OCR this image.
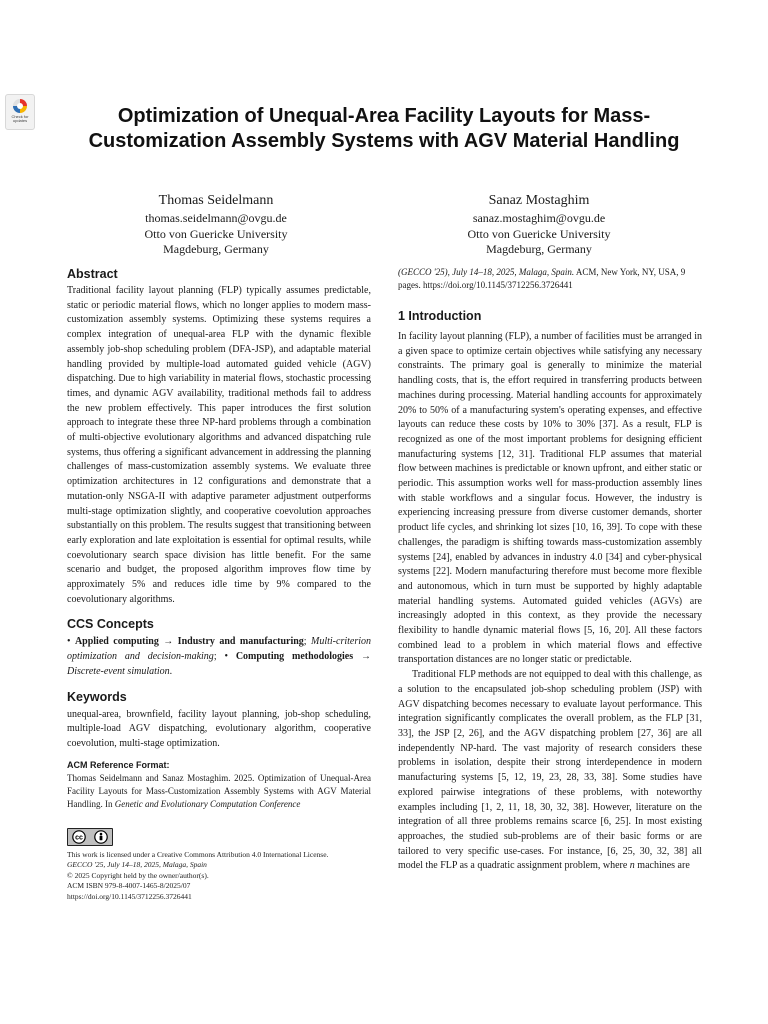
Check for updates	Optimization of Unequal-Area Facility Layouts for Mass-Customization Assembly Systems with AGV Material Handling
Thomas Seidelmann
thomas.seidelmann@ovgu.de
Otto von Guericke University
Magdeburg, Germany
Sanaz Mostaghim
sanaz.mostaghim@ovgu.de
Otto von Guericke University
Magdeburg, Germany
Abstract

Traditional facility layout planning (FLP) typically assumes predictable, static or periodic material flows, which no longer applies to modern mass-customization assembly systems. Optimizing these systems requires a complex integration of unequal-area FLP with the dynamic flexible assembly job-shop scheduling problem (DFA-JSP), and adaptable material handling provided by multiple-load automated guided vehicle (AGV) dispatching. Due to high variability in material flows, stochastic processing times, and dynamic AGV availability, traditional methods fail to address the new problem effectively. This paper introduces the first solution approach to integrate these three NP-hard problems through a combination of multi-objective evolutionary algorithms and advanced dispatching rule systems, thus offering a significant advancement in addressing the planning challenges of mass-customization assembly systems. We evaluate three optimization architectures in 12 configurations and demonstrate that a mutation-only NSGA-II with adaptive parameter adjustment outperforms multi-stage optimization slightly, and cooperative coevolution approaches substantially on this problem. The results suggest that transitioning between early exploration and late exploitation is essential for optimal results, while coevolutionary search space division has little benefit. For the same scenario and budget, the proposed algorithm improves flow time by approximately 5% and reduces idle time by 9% compared to the coevolutionary algorithms.

CCS Concepts

• Applied computing → Industry and manufacturing; Multi-criterion optimization and decision-making; • Computing methodologies → Discrete-event simulation.

Keywords

unequal-area, brownfield, facility layout planning, job-shop scheduling, multiple-load AGV dispatching, evolutionary algorithm, cooperative coevolution, multi-stage optimization.

ACM Reference Format:

Thomas Seidelmann and Sanaz Mostaghim. 2025. Optimization of Unequal-Area Facility Layouts for Mass-Customization Assembly Systems with AGV Material Handling. In Genetic and Evolutionary Computation Conference

cc
This work is licensed under a Creative Commons Attribution 4.0 International License.
GECCO '25, July 14–18, 2025, Malaga, Spain
© 2025 Copyright held by the owner/author(s).
ACM ISBN 979-8-4007-1465-8/2025/07
https://doi.org/10.1145/3712256.3726441

(GECCO '25), July 14–18, 2025, Malaga, Spain. ACM, New York, NY, USA, 9 pages. https://doi.org/10.1145/3712256.3726441

1 Introduction

In facility layout planning (FLP), a number of facilities must be arranged in a given space to optimize certain objectives while satisfying any necessary constraints. The primary goal is generally to minimize the material handling costs, that is, the effort required in transferring products between machines during processing. Material handling accounts for approximately 20% to 50% of a manufacturing system's operating expenses, and effective layouts can reduce these costs by 10% to 30% [37]. As a result, FLP is recognized as one of the most important problems for designing efficient manufacturing systems [12, 31]. Traditional FLP assumes that material flow between machines is predictable or known upfront, and either static or periodic. This assumption works well for mass-production assembly lines with stable workflows and a singular focus. However, the industry is experiencing increasing pressure from diverse customer demands, shorter product life cycles, and shrinking lot sizes [10, 16, 39]. To cope with these challenges, the paradigm is shifting towards mass-customization assembly systems [24], enabled by advances in industry 4.0 [34] and cyber-physical systems [22]. Modern manufacturing therefore must become more flexible and autonomous, which in turn must be supported by highly adaptable material handling systems. Automated guided vehicles (AGVs) are increasingly adopted in this context, as they provide the necessary flexibility to handle dynamic material flows [5, 16, 20]. All these factors combined lead to a problem in which material flows and effective transportation distances are no longer static or predictable.

Traditional FLP methods are not equipped to deal with this challenge, as a solution to the encapsulated job-shop scheduling problem (JSP) with AGV dispatching becomes necessary to evaluate layout performance. This integration significantly complicates the overall problem, as the FLP [31, 33], the JSP [2, 26], and the AGV dispatching problem [27, 36] are all independently NP-hard. The vast majority of research considers these problems in isolation, despite their strong interdependence in modern manufacturing systems [5, 12, 19, 23, 28, 33, 38]. Some studies have explored pairwise integrations of these problems, with noteworthy examples including [1, 2, 11, 18, 30, 32, 38]. However, literature on the integration of all three problems remains scarce [6, 25]. In most existing approaches, the studied sub-problems are of their basic forms or are tailored to very specific use-cases. For instance, [6, 25, 30, 32, 38] all model the FLP as a quadratic assignment problem, where n machines are
